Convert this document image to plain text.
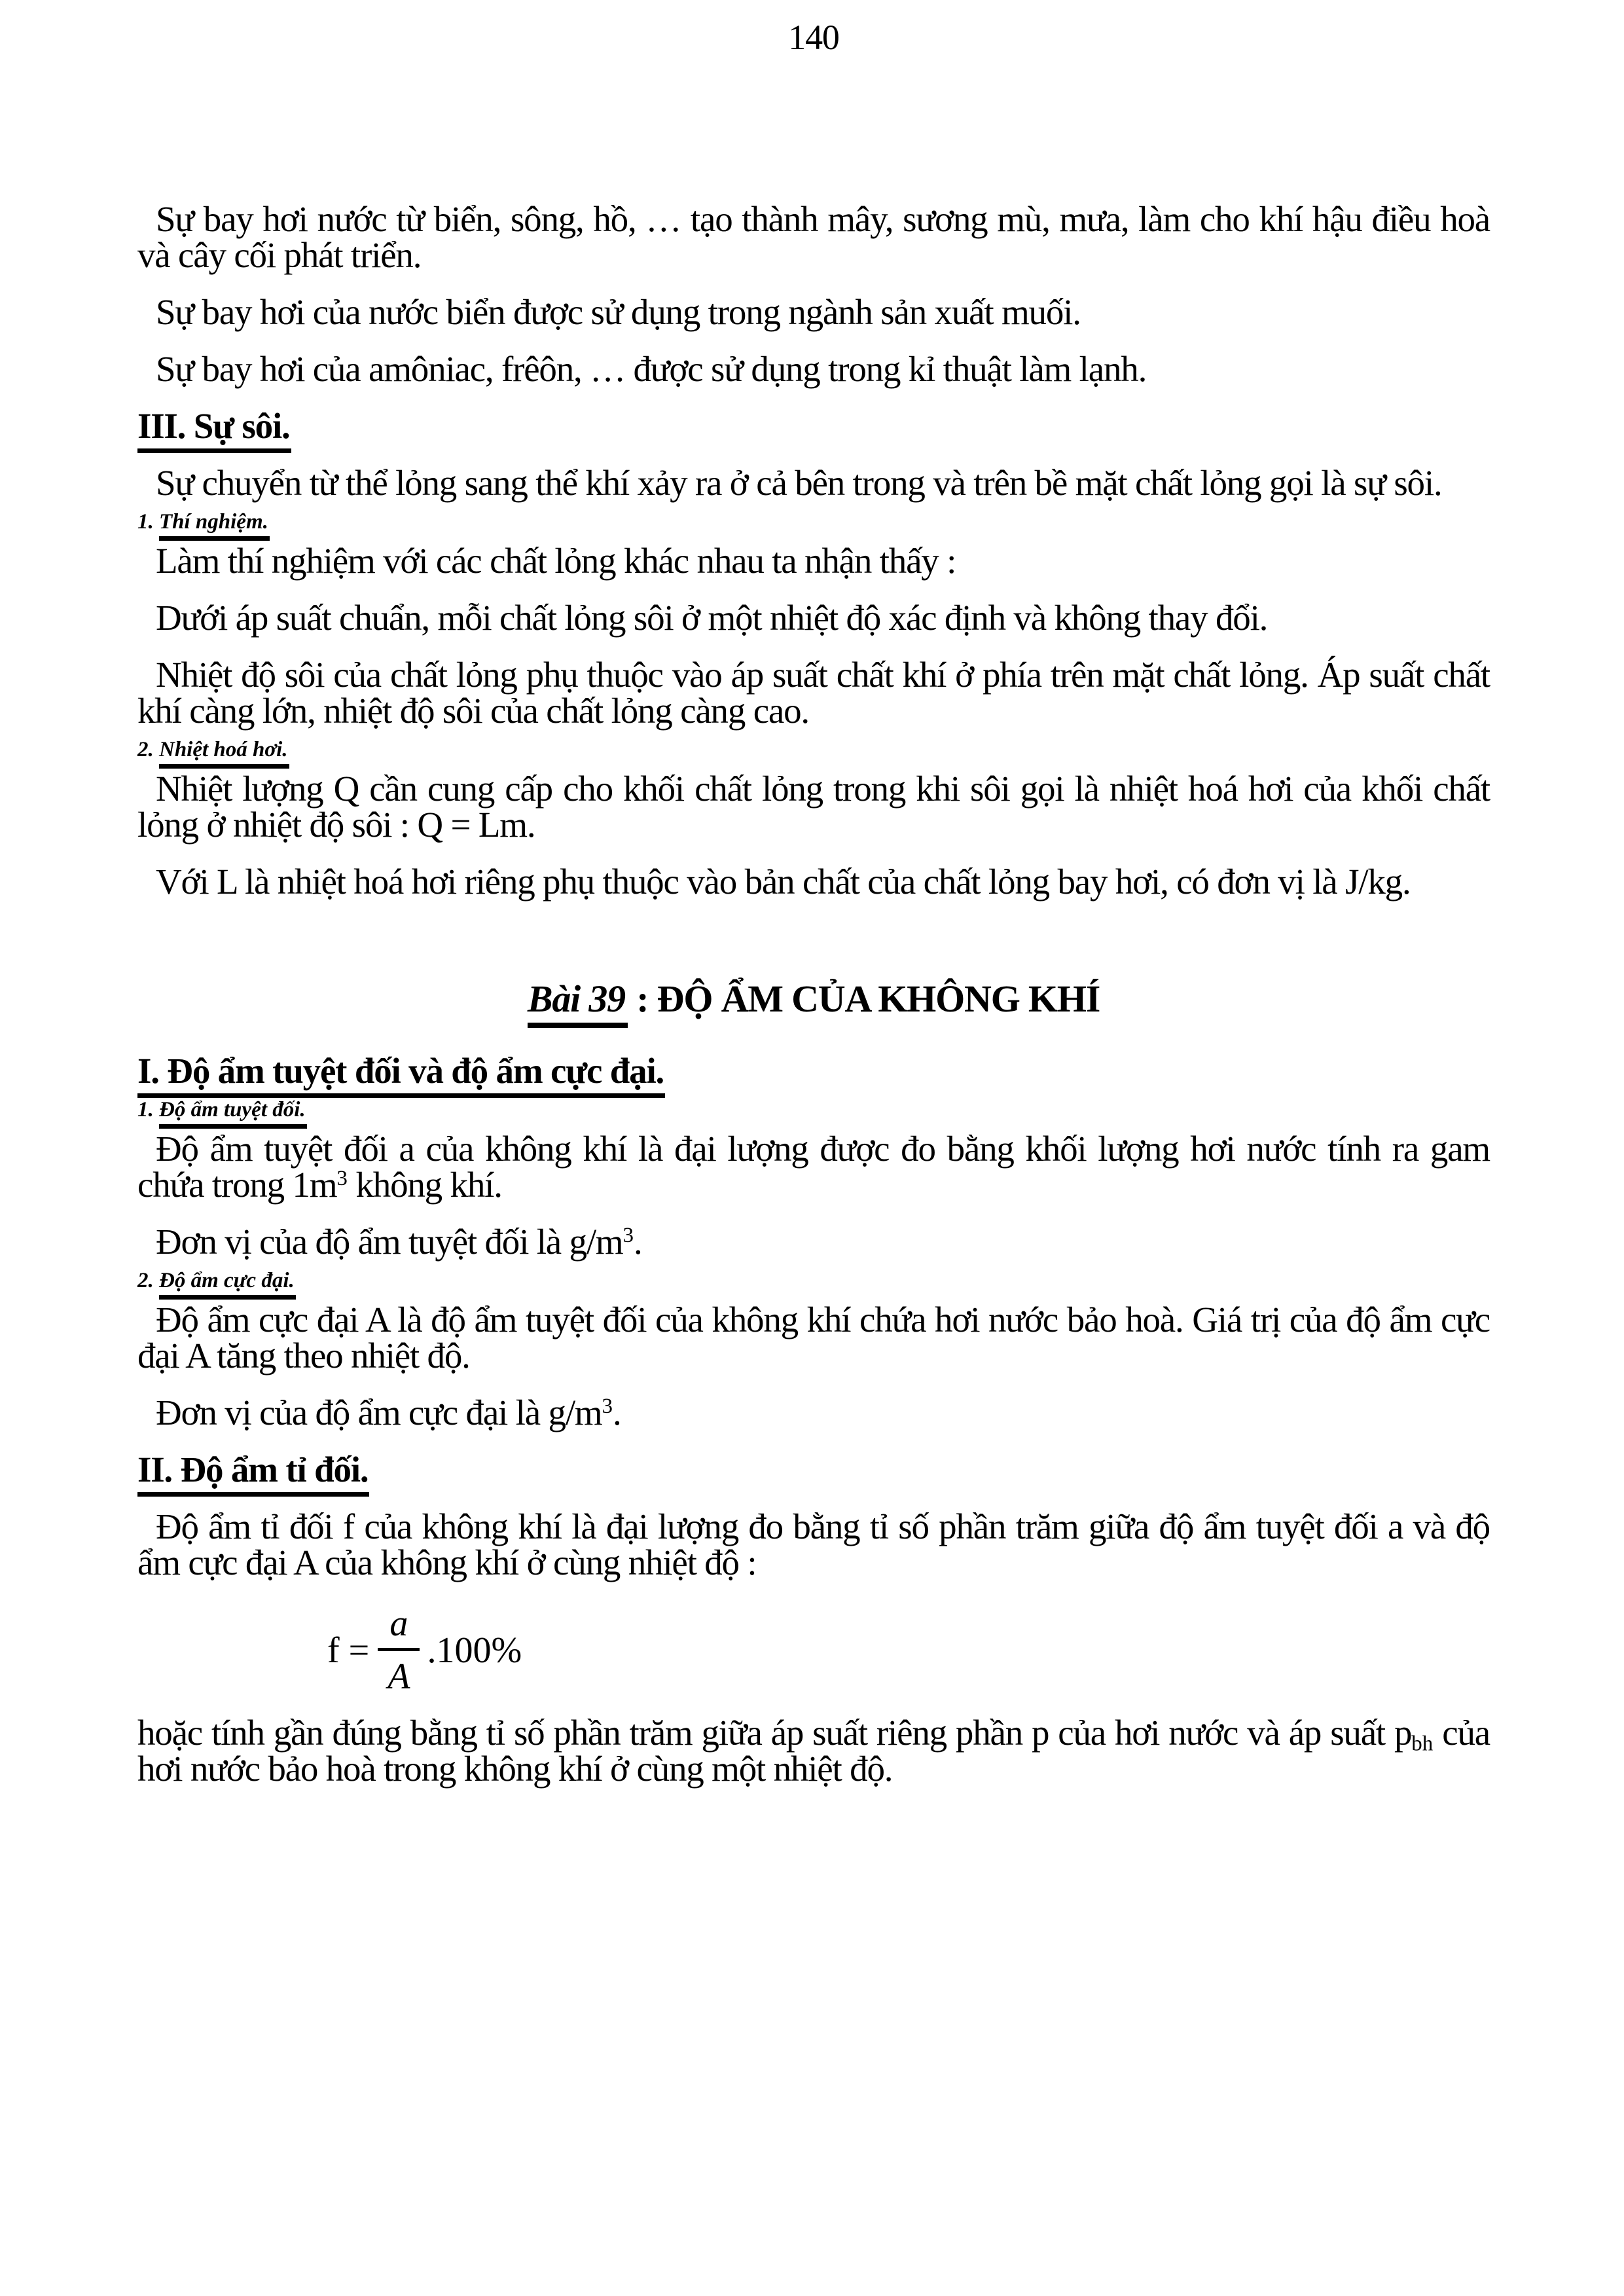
140

Sự bay hơi nước từ biển, sông, hồ, … tạo thành mây, sương mù, mưa, làm cho khí hậu điều hoà và cây cối phát triển.

Sự bay hơi của nước biển được sử dụng trong ngành sản xuất muối.

Sự bay hơi của amôniac, frêôn, … được sử dụng trong kỉ thuật làm lạnh.

III. Sự sôi.

Sự chuyển từ thể lỏng sang thể khí xảy ra ở cả bên trong và trên bề mặt chất lỏng gọi là sự sôi.

1. Thí nghiệm.

Làm thí nghiệm với các chất lỏng khác nhau ta nhận thấy :

Dưới áp suất chuẩn, mỗi chất lỏng sôi ở một nhiệt độ xác định và không thay đổi.

Nhiệt độ sôi của chất lỏng phụ thuộc vào áp suất chất khí ở phía trên mặt chất lỏng. Áp suất chất khí càng lớn, nhiệt độ sôi của chất lỏng càng cao.

2. Nhiệt hoá hơi.

Nhiệt lượng Q cần cung cấp cho khối chất lỏng trong khi sôi gọi là nhiệt hoá hơi của khối chất lỏng ở nhiệt độ sôi : Q = Lm.

Với L là nhiệt hoá hơi riêng phụ thuộc vào bản chất của chất lỏng bay hơi, có đơn vị là J/kg.

Bài 39 : ĐỘ ẨM CỦA KHÔNG KHÍ
I. Độ ẩm tuyệt đối và độ ẩm cực đại.
1. Độ ẩm tuyệt đối.

Độ ẩm tuyệt đối a của không khí là đại lượng được đo bằng khối lượng hơi nước tính ra gam chứa trong $1m^3$ không khí.

Đơn vị của độ ẩm tuyệt đối là $g/m^3$.

2. Độ ẩm cực đại.

Độ ẩm cực đại A là độ ẩm tuyệt đối của không khí chứa hơi nước bảo hoà. Giá trị của độ ẩm cực đại A tăng theo nhiệt độ.

Đơn vị của độ ẩm cực đại là $g/m^3$.

II. Độ ẩm tỉ đối.

Độ ẩm tỉ đối f của không khí là đại lượng đo bằng tỉ số phần trăm giữa độ ẩm tuyệt đối a và độ ẩm cực đại A của không khí ở cùng nhiệt độ :

$f = \frac{a}{A} .100\%$

hoặc tính gần đúng bằng tỉ số phần trăm giữa áp suất riêng phần p của hơi nước và áp suất $p_{bh}$ của hơi nước bảo hoà trong không khí ở cùng một nhiệt độ.
